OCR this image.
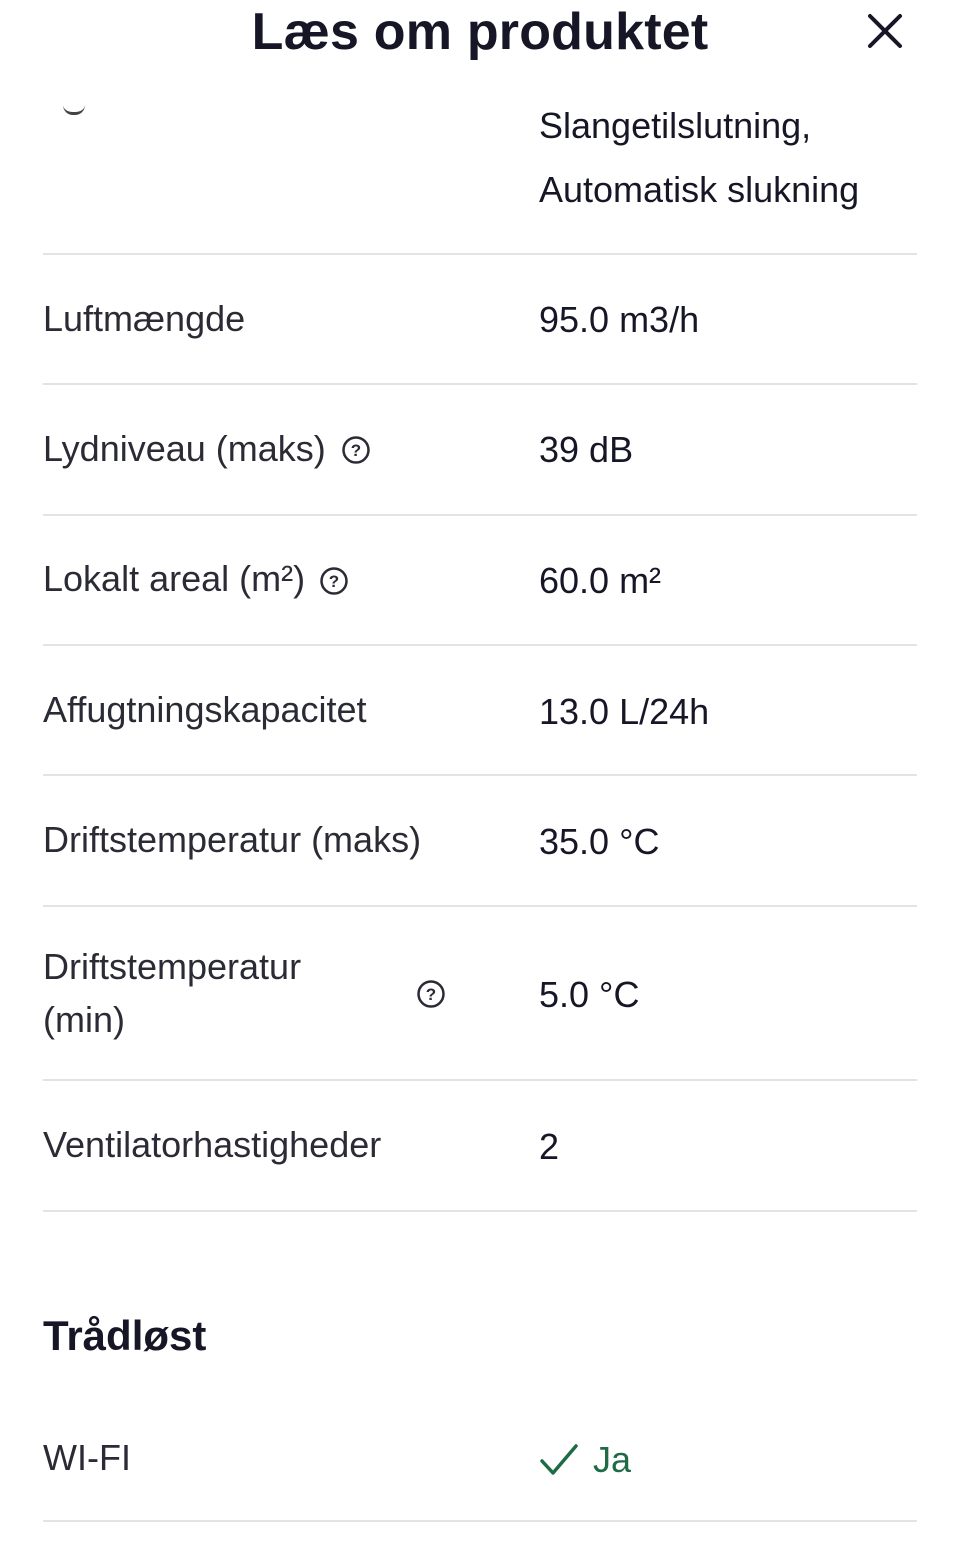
Læs om produktet
Slangetilslutning,
Automatisk slukning
Luftmængde	95.0 m3/h
Lydniveau (maks) ?	39 dB
Lokalt areal (m²) ?	60.0 m²
Affugtningskapacitet	13.0 L/24h
Driftstemperatur (maks)	35.0 °C
Driftstemperatur
(min)
?	5.0 °C
Ventilatorhastigheder	2
Trådløst
WI-FI	Ja
